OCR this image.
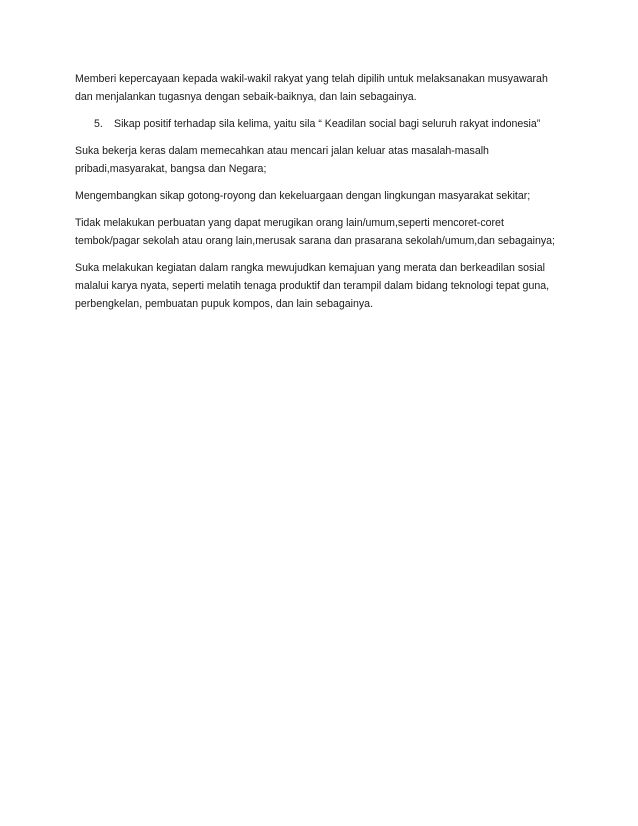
Memberi kepercayaan kepada wakil-wakil rakyat yang telah dipilih untuk melaksanakan musyawarah
dan menjalankan tugasnya dengan sebaik-baiknya, dan lain sebagainya.

5. Sikap positif terhadap sila kelima, yaitu sila “ Keadilan social bagi seluruh rakyat indonesia”

Suka bekerja keras dalam memecahkan atau mencari jalan keluar atas masalah-masalh
pribadi,masyarakat, bangsa dan Negara;

Mengembangkan sikap gotong-royong dan kekeluargaan dengan lingkungan masyarakat sekitar;

Tidak melakukan perbuatan yang dapat merugikan orang lain/umum,seperti mencoret-coret
tembok/pagar sekolah atau orang lain,merusak sarana dan prasarana sekolah/umum,dan sebagainya;

Suka melakukan kegiatan dalam rangka mewujudkan kemajuan yang merata dan berkeadilan sosial
malalui karya nyata, seperti melatih tenaga produktif dan terampil dalam bidang teknologi tepat guna,
perbengkelan, pembuatan pupuk kompos, dan lain sebagainya.
